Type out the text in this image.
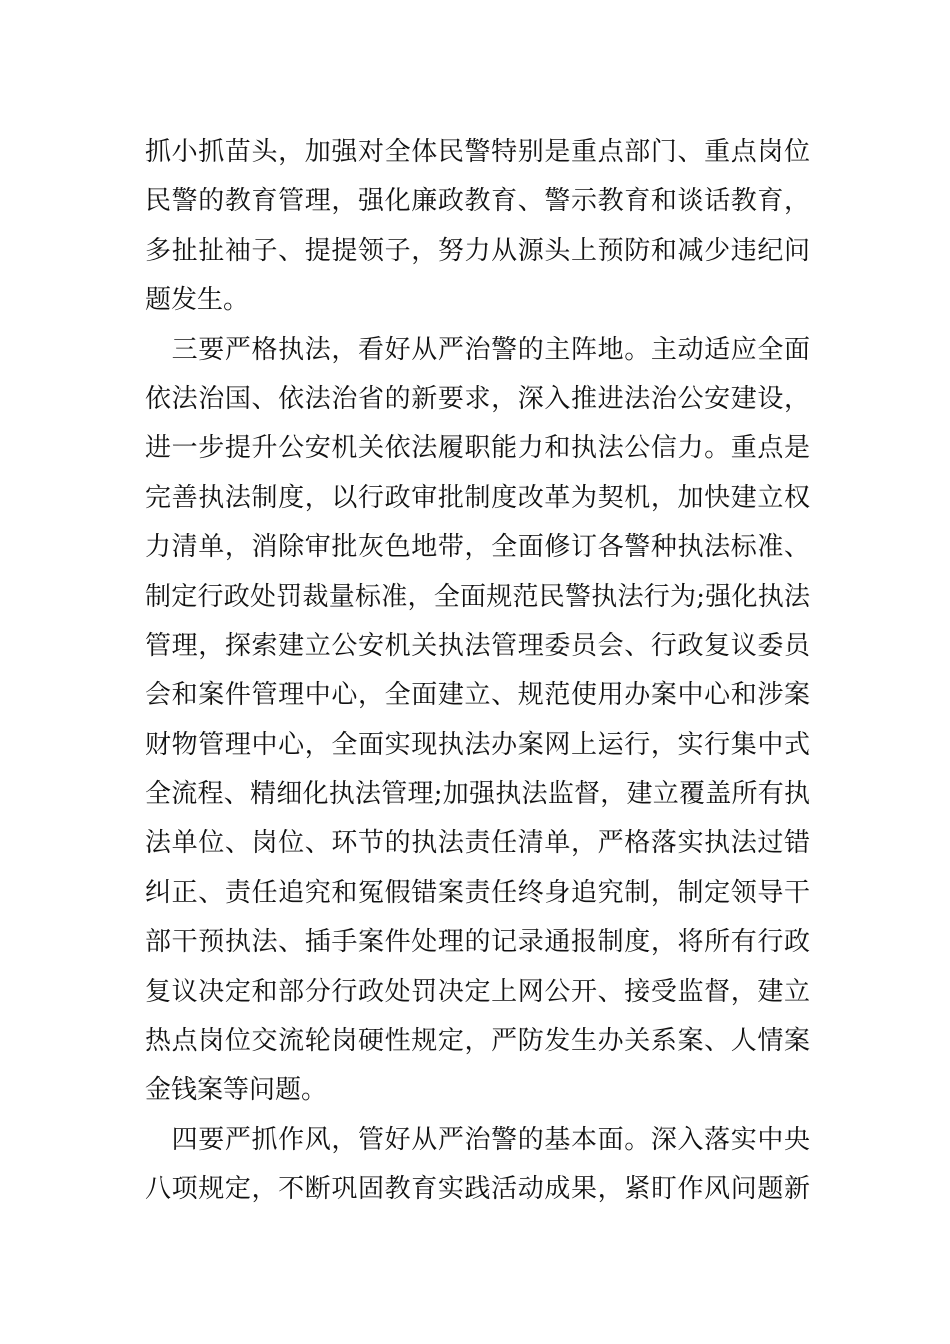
抓小抓苗头，加强对全体民警特别是重点部门、重点岗位
民警的教育管理，强化廉政教育、警示教育和谈话教育，
多扯扯袖子、提提领子，努力从源头上预防和减少违纪问
题发生。
　三要严格执法，看好从严治警的主阵地。主动适应全面
依法治国、依法治省的新要求，深入推进法治公安建设，
进一步提升公安机关依法履职能力和执法公信力。重点是
完善执法制度，以行政审批制度改革为契机，加快建立权
力清单，消除审批灰色地带，全面修订各警种执法标准、
制定行政处罚裁量标准，全面规范民警执法行为;强化执法
管理，探索建立公安机关执法管理委员会、行政复议委员
会和案件管理中心，全面建立、规范使用办案中心和涉案
财物管理中心，全面实现执法办案网上运行，实行集中式
全流程、精细化执法管理;加强执法监督，建立覆盖所有执
法单位、岗位、环节的执法责任清单，严格落实执法过错
纠正、责任追究和冤假错案责任终身追究制，制定领导干
部干预执法、插手案件处理的记录通报制度，将所有行政
复议决定和部分行政处罚决定上网公开、接受监督，建立
热点岗位交流轮岗硬性规定，严防发生办关系案、人情案
金钱案等问题。
　四要严抓作风，管好从严治警的基本面。深入落实中央
八项规定，不断巩固教育实践活动成果，紧盯作风问题新
